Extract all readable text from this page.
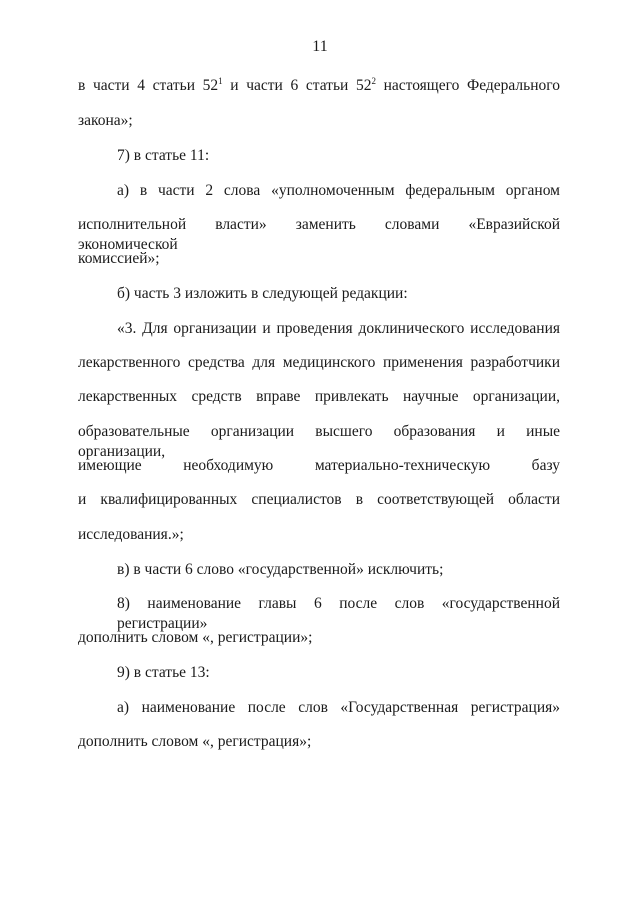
11
в части 4 статьи $52^1$ и части 6 статьи $52^2$ настоящего Федерального
закона»;
7) в статье 11:
а) в части 2 слова «уполномоченным федеральным органом
исполнительной власти» заменить словами «Евразийской экономической
комиссией»;
б) часть 3 изложить в следующей редакции:
«3. Для организации и проведения доклинического исследования
лекарственного средства для медицинского применения разработчики
лекарственных средств вправе привлекать научные организации,
образовательные организации высшего образования и иные организации,
имеющие необходимую материально-техническую базу
и квалифицированных специалистов в соответствующей области
исследования.»;
в) в части 6 слово «государственной» исключить;
8) наименование главы 6 после слов «государственной регистрации»
дополнить словом «, регистрации»;
9) в статье 13:
а) наименование после слов «Государственная регистрация»
дополнить словом «, регистрация»;
